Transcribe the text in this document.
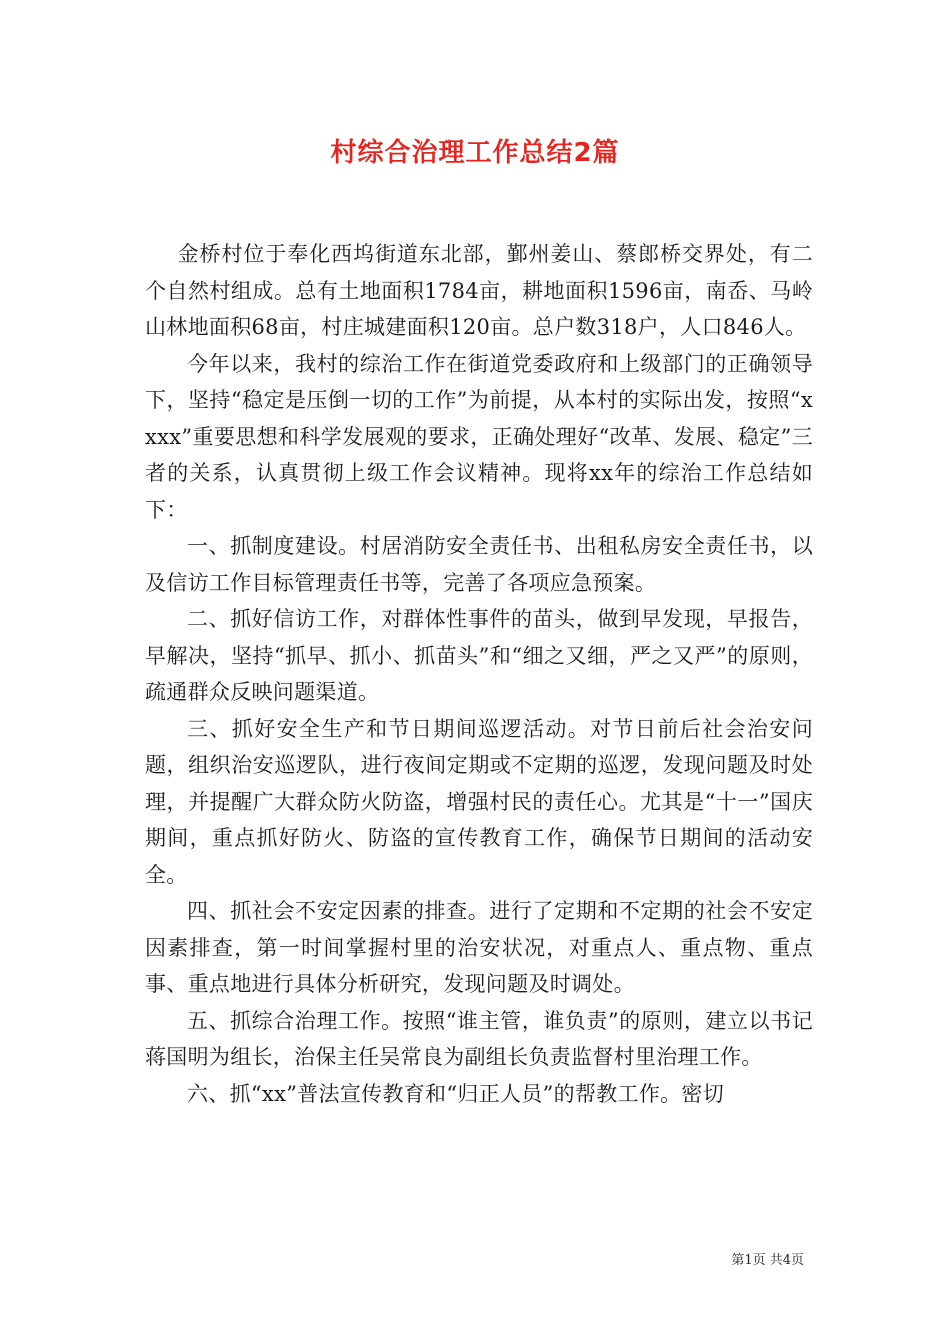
村综合治理工作总结2篇

金桥村位于奉化西坞街道东北部，鄞州姜山、蔡郎桥交界处，有二个自然村组成。总有土地面积1784亩，耕地面积1596亩，南岙、马岭山林地面积68亩，村庄城建面积120亩。总户数318户，人口846人。

今年以来，我村的综治工作在街道党委政府和上级部门的正确领导下，坚持“稳定是压倒一切的工作”为前提，从本村的实际出发，按照“xxxx”重要思想和科学发展观的要求，正确处理好“改革、发展、稳定”三者的关系，认真贯彻上级工作会议精神。现将xx年的综治工作总结如下：

一、抓制度建设。村居消防安全责任书、出租私房安全责任书，以及信访工作目标管理责任书等，完善了各项应急预案。

二、抓好信访工作，对群体性事件的苗头，做到早发现，早报告，早解决，坚持“抓早、抓小、抓苗头”和“细之又细，严之又严”的原则，疏通群众反映问题渠道。

三、抓好安全生产和节日期间巡逻活动。对节日前后社会治安问题，组织治安巡逻队，进行夜间定期或不定期的巡逻，发现问题及时处理，并提醒广大群众防火防盗，增强村民的责任心。尤其是“十一”国庆期间，重点抓好防火、防盗的宣传教育工作，确保节日期间的活动安全。

四、抓社会不安定因素的排查。进行了定期和不定期的社会不安定因素排查，第一时间掌握村里的治安状况，对重点人、重点物、重点事、重点地进行具体分析研究，发现问题及时调处。

五、抓综合治理工作。按照“谁主管，谁负责”的原则，建立以书记蒋国明为组长，治保主任吴常良为副组长负责监督村里治理工作。

六、抓“xx”普法宣传教育和“归正人员”的帮教工作。密切

第1页 共4页
